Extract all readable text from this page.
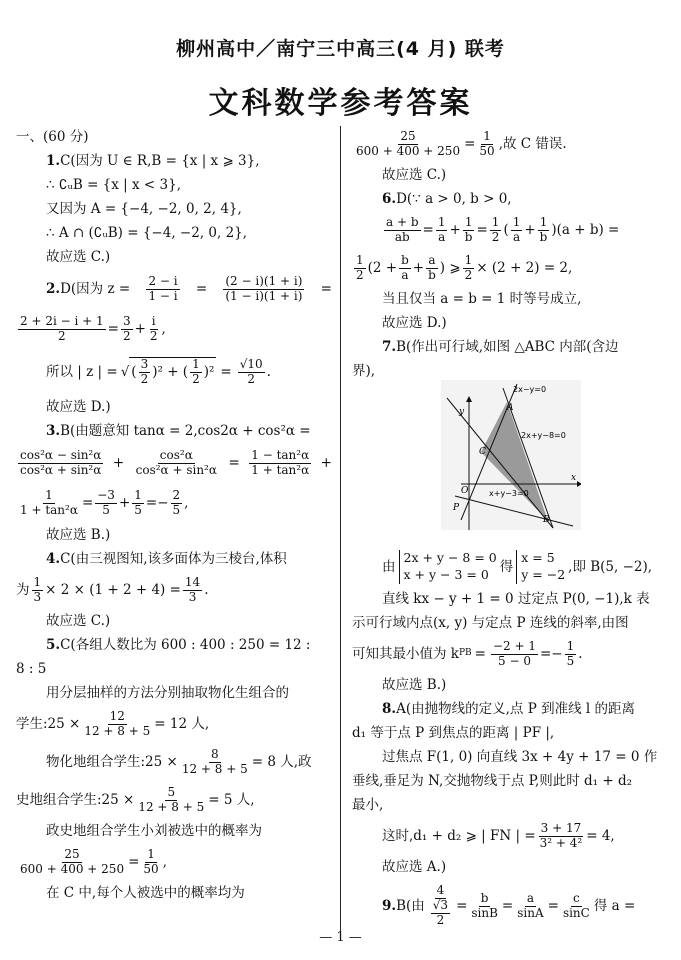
柳州高中／南宁三中高三(4 月) 联考
文科数学参考答案
一、(60 分)
1. C(因为 U ∈ R,B = {x | x ⩾ 3},
∴ ∁ᵤB = {x | x < 3},
又因为 A = {−4, −2, 0, 2, 4},
∴ A ∩ (∁ᵤB) = {−4, −2, 0, 2},
故应选 C.)
2.D(因为 $z = \frac{2 - i}{1 - i} = \frac{(2 - i)(1 + i)}{(1 - i)(1 + i)}$ =
$\frac{2 + 2i - i + 1}{2} = \frac{3}{2} + \frac{i}{2}$ ,
所以 | z | = √ ( $\frac{3}{2} )^2$ + ( $\frac{1}{2} )^2 = \frac{√10}{2}$ .
故应选 D.)
3. B(由题意知 tanα = 2,cos2α + cos²α =
$\frac{\text{cos²α − sin²α}}{\text{cos²α + sin²α}} + \frac{\text{cos²α}}{\text{cos²α + sin²α}} = \frac{\text{1 − tan²α}}{\text{1 + tan²α}}$ +
$\frac{1}{\text{1 + tan²α}} = \frac{-3}{5} + \frac{1}{5} =- \frac{2}{5}$ ,
故应选 B.)
4. C(由三视图知,该多面体为三棱台,体积
为 $\frac{1}{3} \times 2 \times (1 + 2 + 4) = \frac{14}{3}$ .
故应选 C.)
5. C(各组人数比为 600 : 400 : 250 = 12 :
8 : 5
用分层抽样的方法分别抽取物化生组合的
学生:25 × $\frac{12}{12 + 8 + 5} = 12$ 人,
物化地组合学生:25 × $\frac{8}{12 + 8 + 5} = 8$ 人,政
史地组合学生:25 × $\frac{5}{12 + 8 + 5} = 5$ 人,
政史地组合学生小刘被选中的概率为
$\frac{25}{600 + 400 + 250} = \frac{1}{50}$ ,
在 C 中,每个人被选中的概率均为
$\frac{25}{600 + 400 + 250} = \frac{1}{50}$ ,故 C 错误.
故应选 C.)
6. D(∵ a > 0, b > 0,
$\frac{a + b}{ab} = \frac{1}{a} + \frac{1}{b} = \frac{1}{2}$ ( $\frac{1}{a} + \frac{1}{b} )(a + b)$ =
$\frac{1}{2} (2 + \frac{b}{a} + \frac{a}{b}$ ) ⩾ $\frac{1}{2} \times (2 + 2) = 2$,
当且仅当 a = b = 1 时等号成立,
故应选 D.)
7. B(作出可行域,如图 △ABC 内部(含边
界),
由
2x + y − 8 = 0
x + y − 3 = 0 得
x = 5
y = −2 ,即 B(5, −2),
直线 kx − y + 1 = 0 过定点 P(0, −1),k 表
示可行域内点(x, y) 与定点 P 连线的斜率,由图
可知其最小值为 k PB = $\frac{-2 + 1}{5 - 0} =- \frac{1}{5}$ .
故应选 B.)
8. A(由抛物线的定义,点 P 到准线 l 的距离
d₁ 等于点 P 到焦点的距离 | PF |,
过焦点 F(1, 0) 向直线 3x + 4y + 17 = 0 作
垂线,垂足为 N,交抛物线于点 P,则此时 d₁ + d₂
最小,
这时,d₁ + d₂ ⩾ | FN | = $\frac{3 + 17}{\text{3² + 4²}} = 4$,
故应选 A.)
9. B(由 $\frac{4}{\frac{√3}{2}} = \frac{b}{\sin B} = \frac{a}{\sin A} = \frac{c}{\sin C}$ 得 a =
2x−y=0
2x+y−8=0
x+y−3=0
A
B
C
O
P
x
y
— 1 —
